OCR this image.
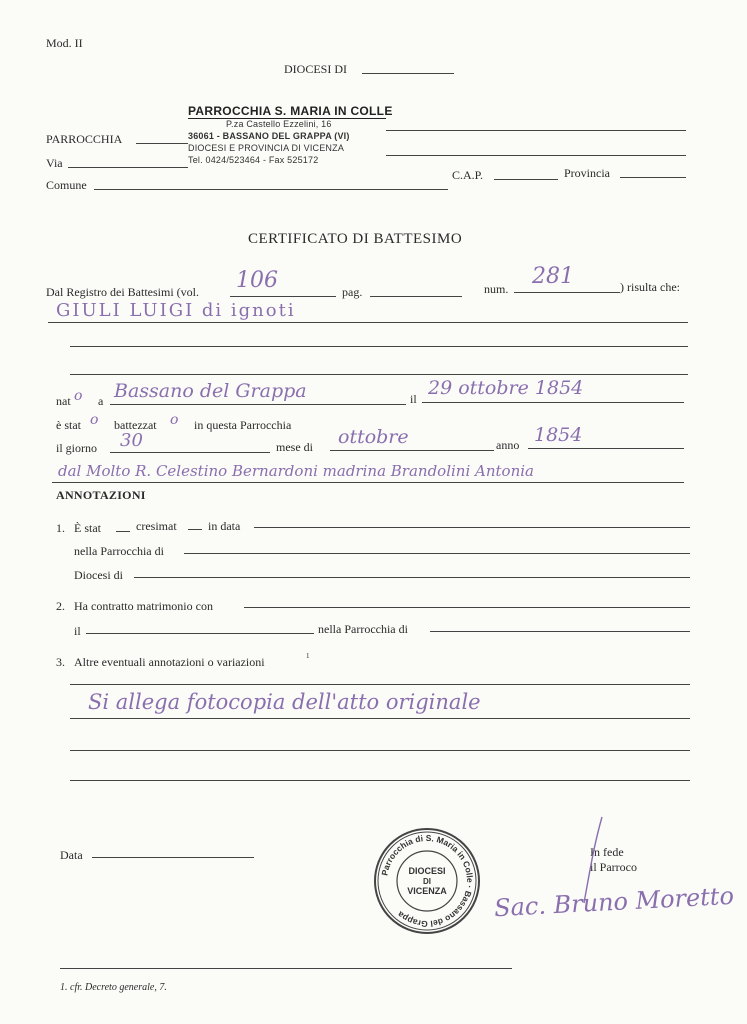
Mod. II
DIOCESI DI
PARROCCHIA S. MARIA IN COLLE
P.za Castello Ezzelini, 16
36061 - BASSANO DEL GRAPPA (VI)
DIOCESI E PROVINCIA DI VICENZA
Tel. 0424/523464 - Fax 525172
PARROCCHIA
Via
Comune
C.A.P.	Provincia
CERTIFICATO DI BATTESIMO
Dal Registro dei Battesimi (vol. 106	pag.	num. 281	) risulta che:
GIULI LUIGI di ignoti
nat o a Bassano del Grappa	il 29 ottobre 1854
è stat o battezzat o in questa Parrocchia
il giorno 30	mese di ottobre	anno 1854
dal Molto R. Celestino Bernardoni madrina Brandolini Antonia
ANNOTAZIONI
1. È stat	cresimat	in data
nella Parrocchia di
Diocesi di
2. Ha contratto matrimonio con
il	nella Parrocchia di
3. Altre eventuali annotazioni o variazioni	1
Si allega fotocopia dell'atto originale
Data	In fede
il Parroco
Parrocchia di S. Maria in Colle · Bassano del Grappa
DIOCESI
DI
VICENZA Sac. Bruno Moretto
1. cfr. Decreto generale, 7.
